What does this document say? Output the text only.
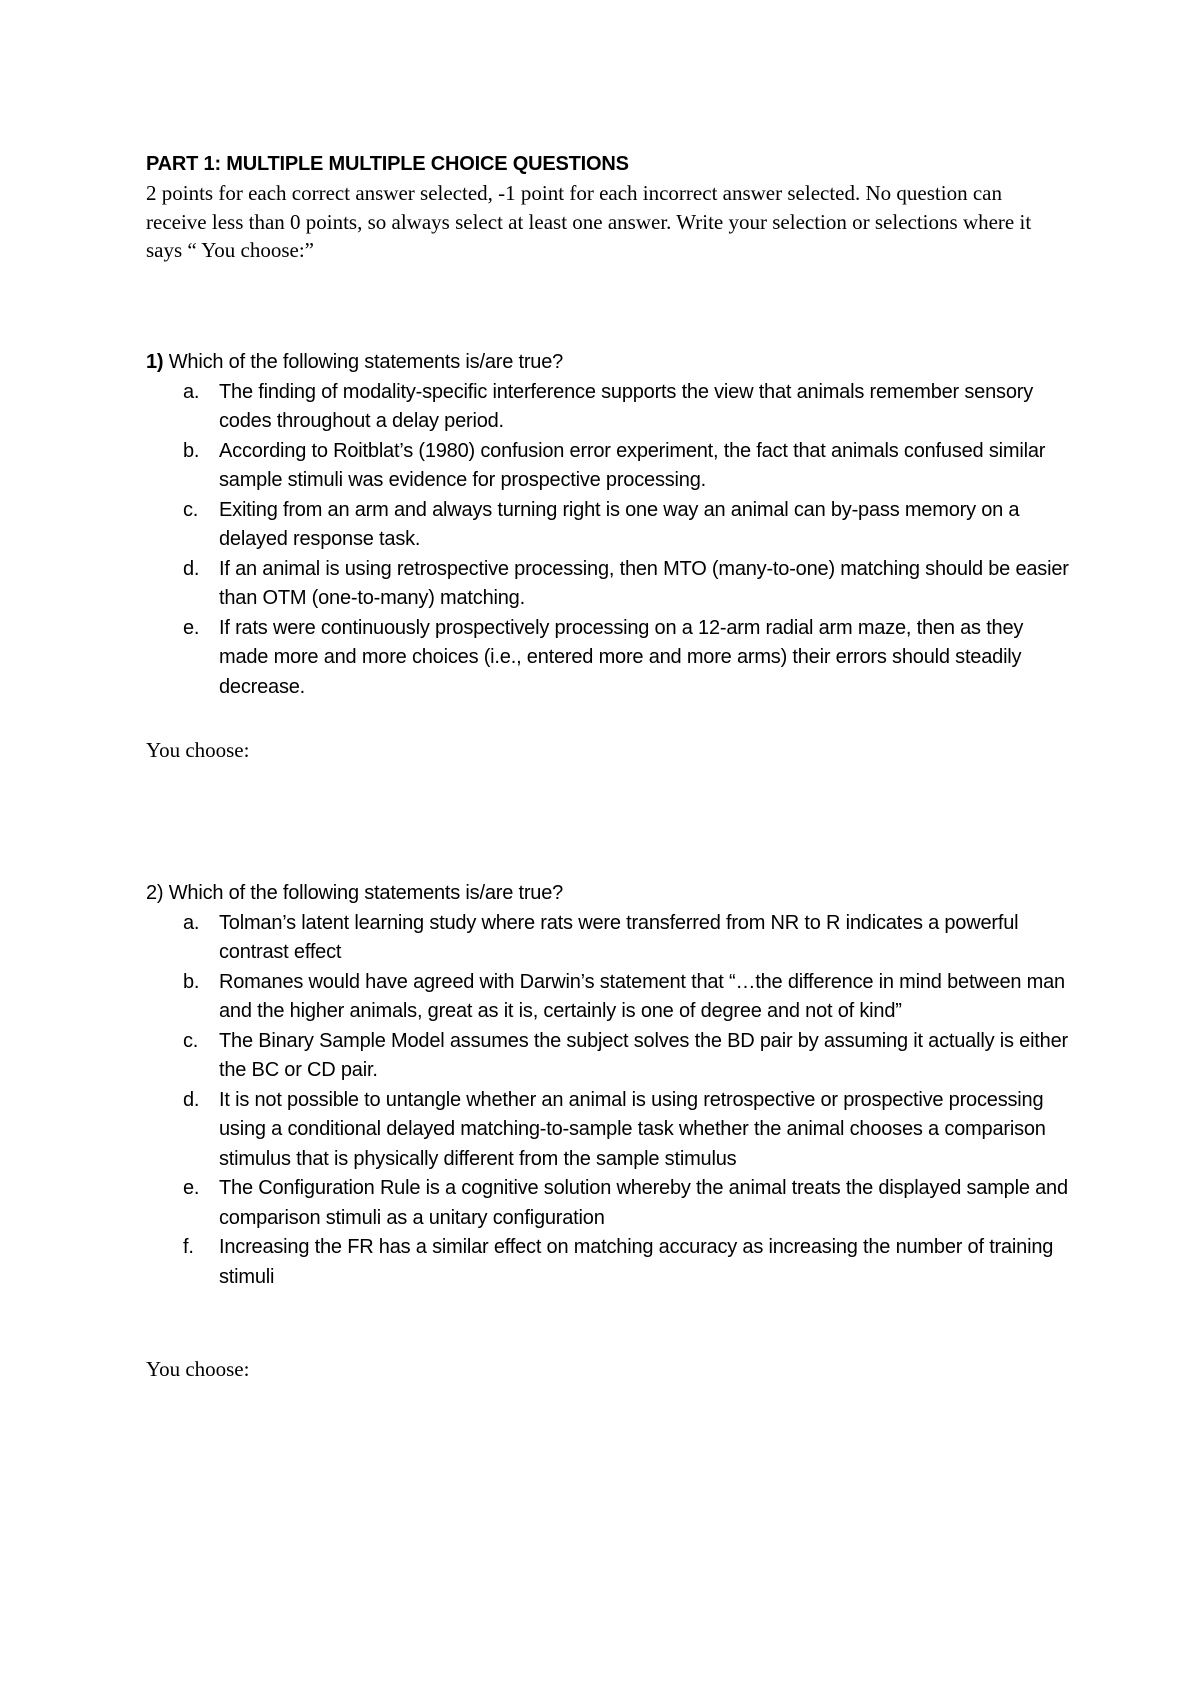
PART 1: MULTIPLE MULTIPLE CHOICE QUESTIONS

2 points for each correct answer selected, -1 point for each incorrect answer selected. No question can receive less than 0 points, so always select at least one answer. Write your selection or selections where it says “ You choose:”

1) Which of the following statements is/are true?

a. The finding of modality-specific interference supports the view that animals remember sensory codes throughout a delay period.
b. According to Roitblat’s (1980) confusion error experiment, the fact that animals confused similar sample stimuli was evidence for prospective processing.
c. Exiting from an arm and always turning right is one way an animal can by-pass memory on a delayed response task.
d. If an animal is using retrospective processing, then MTO (many-to-one) matching should be easier than OTM (one-to-many) matching.
e. If rats were continuously prospectively processing on a 12-arm radial arm maze, then as they made more and more choices (i.e., entered more and more arms) their errors should steadily decrease.

You choose:

2) Which of the following statements is/are true?

a. Tolman’s latent learning study where rats were transferred from NR to R indicates a powerful contrast effect
b. Romanes would have agreed with Darwin’s statement that “…the difference in mind between man and the higher animals, great as it is, certainly is one of degree and not of kind”
c. The Binary Sample Model assumes the subject solves the BD pair by assuming it actually is either the BC or CD pair.
d. It is not possible to untangle whether an animal is using retrospective or prospective processing using a conditional delayed matching-to-sample task whether the animal chooses a comparison stimulus that is physically different from the sample stimulus
e. The Configuration Rule is a cognitive solution whereby the animal treats the displayed sample and comparison stimuli as a unitary configuration
f. Increasing the FR has a similar effect on matching accuracy as increasing the number of training stimuli

You choose:
